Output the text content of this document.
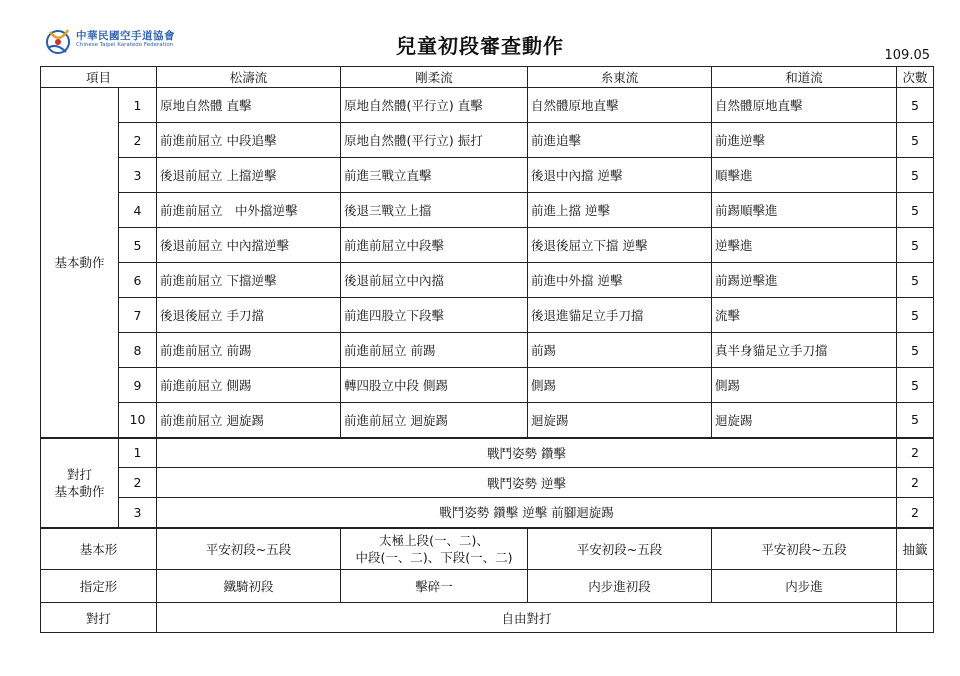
中華民國空手道協會
Chinese Taipei Karatedo Federation	兒童初段審查動作	109.05
項目		松濤流	剛柔流	糸東流	和道流	次數
基本動作	1	原地自然體 直擊	原地自然體(平行立) 直擊	自然體原地直擊	自然體原地直擊	5
	2	前進前屈立 中段追擊	原地自然體(平行立) 振打	前進追擊	前進逆擊	5
	3	後退前屈立 上擋逆擊	前進三戰立直擊	後退中內擋 逆擊	順擊進	5
	4	前進前屈立　中外擋逆擊	後退三戰立上擋	前進上擋 逆擊	前踢順擊進	5
	5	後退前屈立 中內擋逆擊	前進前屈立中段擊	後退後屈立下擋 逆擊	逆擊進	5
	6	前進前屈立 下擋逆擊	後退前屈立中內擋	前進中外擋 逆擊	前踢逆擊進	5
	7	後退後屈立 手刀擋	前進四股立下段擊	後退進貓足立手刀擋	流擊	5
	8	前進前屈立 前踢	前進前屈立 前踢	前踢	真半身貓足立手刀擋	5
	9	前進前屈立 側踢	轉四股立中段 側踢	側踢	側踢	5
	10	前進前屈立 迴旋踢	前進前屈立 迴旋踢	迴旋踢	迴旋踢	5

對打
基本動作	1	戰鬥姿勢 鑽擊				2
	2	戰鬥姿勢 逆擊				2
	3	戰鬥姿勢 鑽擊 逆擊 前腳迴旋踢				2
基本形		平安初段~五段	太極上段(一、二)、
中段(一、二)、下段(一、二)	平安初段~五段	平安初段~五段	抽籤
指定形		鐵騎初段	擊碎一	内步進初段	内步進	
對打		自由對打				
